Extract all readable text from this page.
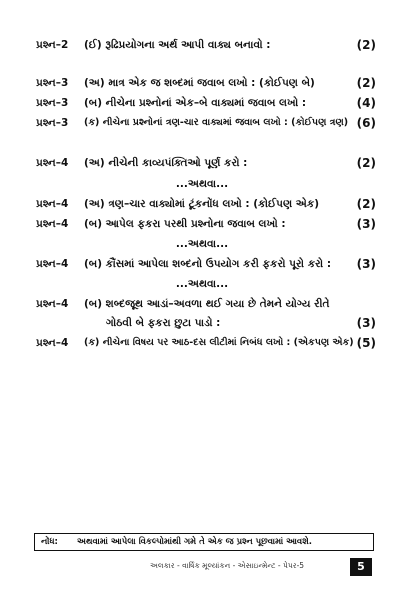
પ્રશ્ન–2 (ઈ) રૂઢિપ્રયોગના અર્થ આપી વાક્ય બનાવો :	(2)
પ્રશ્ન–3 (અ) માત્ર એક જ શબ્દમાં જવાબ લખો : (કોઈપણ બે)	(2)
પ્રશ્ન–3 (બ) નીચેના પ્રશ્નોનાં એક–બે વાક્યમાં જવાબ લખો :	(4)
પ્રશ્ન–3 (ક) નીચેના પ્રશ્નોનાં ત્રણ-ચાર વાક્યમાં જવાબ લખો : (કોઈપણ ત્રણ) (6)
પ્રશ્ન–4 (અ) નીચેની કાવ્યપંક્તિઓ પૂર્ણ કરો :	(2)
...અથવા...
પ્રશ્ન–4 (અ) ત્રણ–ચાર વાક્યોમાં ટૂંકનોંધ લખો : (કોઈપણ એક)	(2)
પ્રશ્ન–4 (બ) આપેલ ફકરા પરથી પ્રશ્નોના જવાબ લખો :	(3)
...અથવા...
પ્રશ્ન–4 (બ) કૌંસમાં આપેલા શબ્દનો ઉપયોગ કરી ફકરો પૂરો કરો : (3)
...અથવા...
પ્રશ્ન–4 (બ) શબ્દજૂથ આડાં–અવળા થઈ ગયા છે તેમને યોગ્ય રીતે
ગોઠવી બે ફકરા છુટા પાડો :	(3)
પ્રશ્ન–4 (ક) નીચેના વિષય પર આઠ-દસ લીટીમાં નિબંધ લખો : (એકપણ એક) (5)
નોંધ: અથવામાં આપેલા વિકલ્પોમાંથી ગમે તે એક જ પ્રશ્ન પૂછવામાં આવશે.
અલકાર - વાર્ષિક મૂલ્યાંકન - એસાઇન્મેન્ટ - પેપર-5	5
